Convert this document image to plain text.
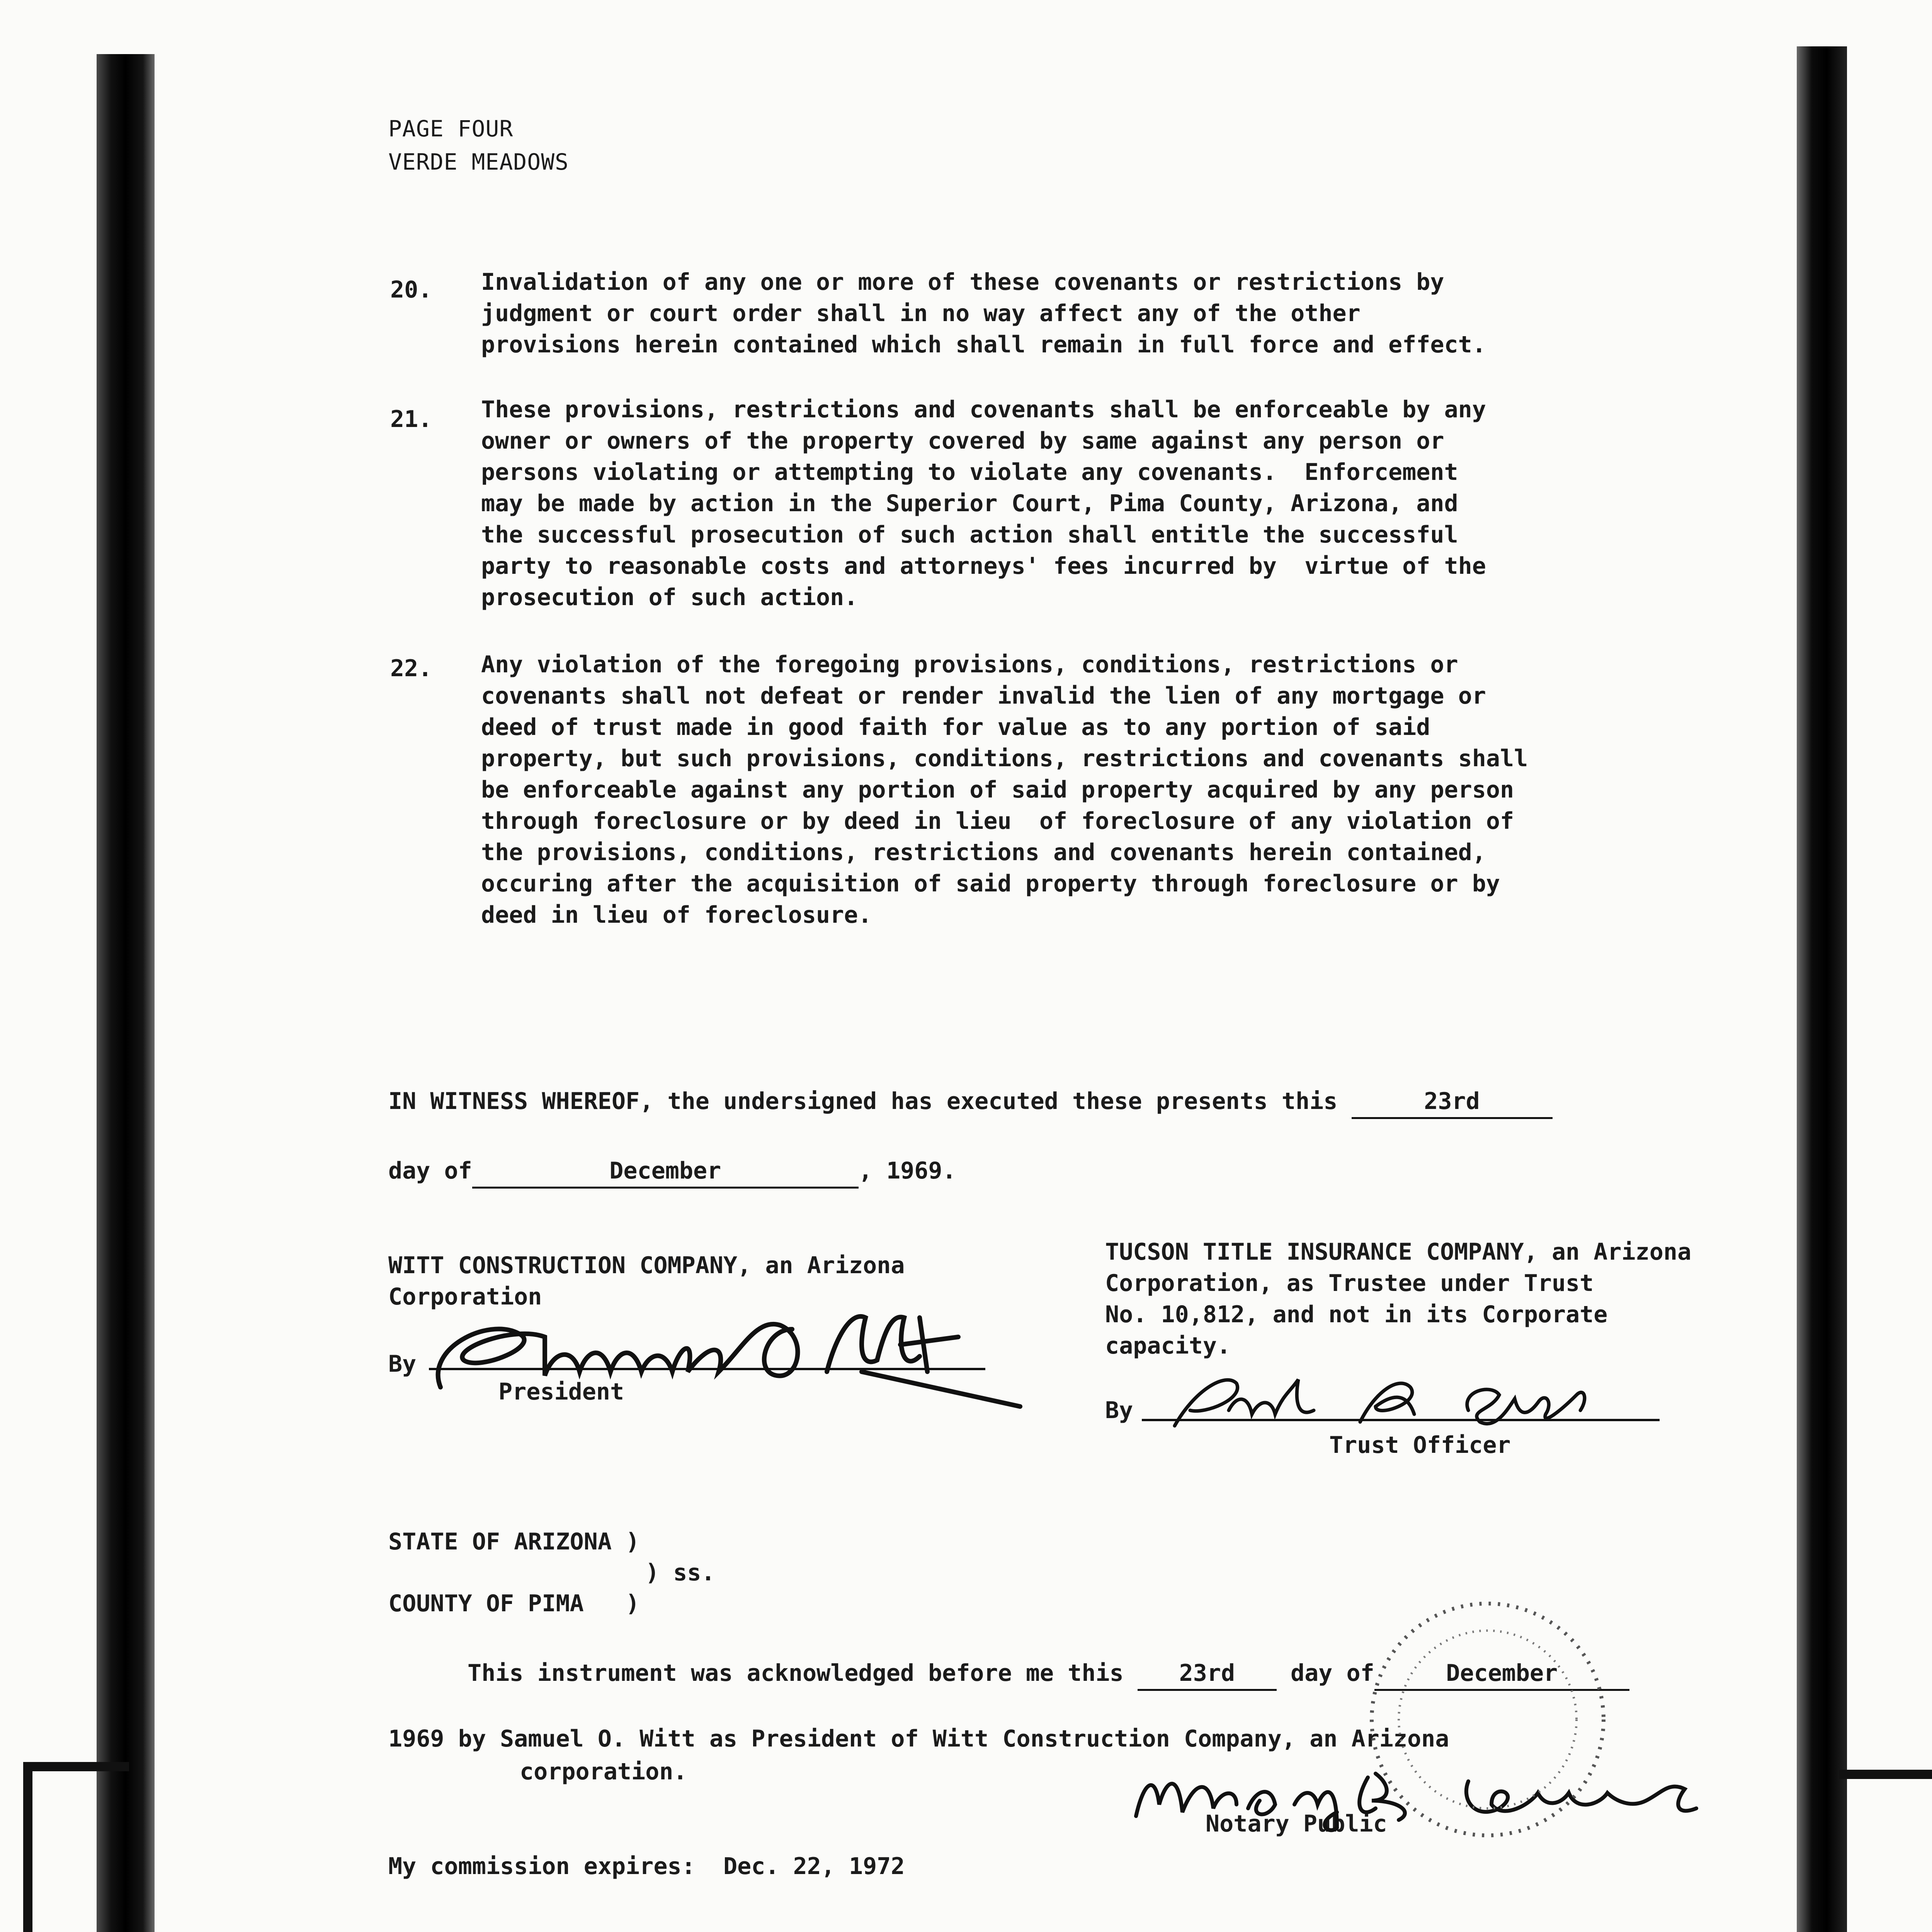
PAGE FOUR
VERDE MEADOWS
20. Invalidation of any one or more of these covenants or restrictions by
judgment or court order shall in no way affect any of the other
provisions herein contained which shall remain in full force and effect.
21. These provisions, restrictions and covenants shall be enforceable by any
owner or owners of the property covered by same against any person or
persons violating or attempting to violate any covenants.  Enforcement
may be made by action in the Superior Court, Pima County, Arizona, and
the successful prosecution of such action shall entitle the successful
party to reasonable costs and attorneys' fees incurred by  virtue of the
prosecution of such action.
22. Any violation of the foregoing provisions, conditions, restrictions or
covenants shall not defeat or render invalid the lien of any mortgage or
deed of trust made in good faith for value as to any portion of said
property, but such provisions, conditions, restrictions and covenants shall
be enforceable against any portion of said property acquired by any person
through foreclosure or by deed in lieu  of foreclosure of any violation of
the provisions, conditions, restrictions and covenants herein contained,
occuring after the acquisition of said property through foreclosure or by
deed in lieu of foreclosure.
IN WITNESS WHEREOF, the undersigned has executed these presents this	23rd
day of	December	, 1969.
WITT CONSTRUCTION COMPANY, an Arizona
Corporation
By
President
TUCSON TITLE INSURANCE COMPANY, an Arizona
Corporation, as Trustee under Trust
No. 10,812, and not in its Corporate
capacity.
By
Trust Officer
STATE OF ARIZONA )
) ss.
COUNTY OF PIMA   )
This instrument was acknowledged before me this 23rd day of	December
1969 by Samuel O. Witt as President of Witt Construction Company, an Arizona
corporation.
Notary Public
My commission expires:  Dec. 22, 1972
